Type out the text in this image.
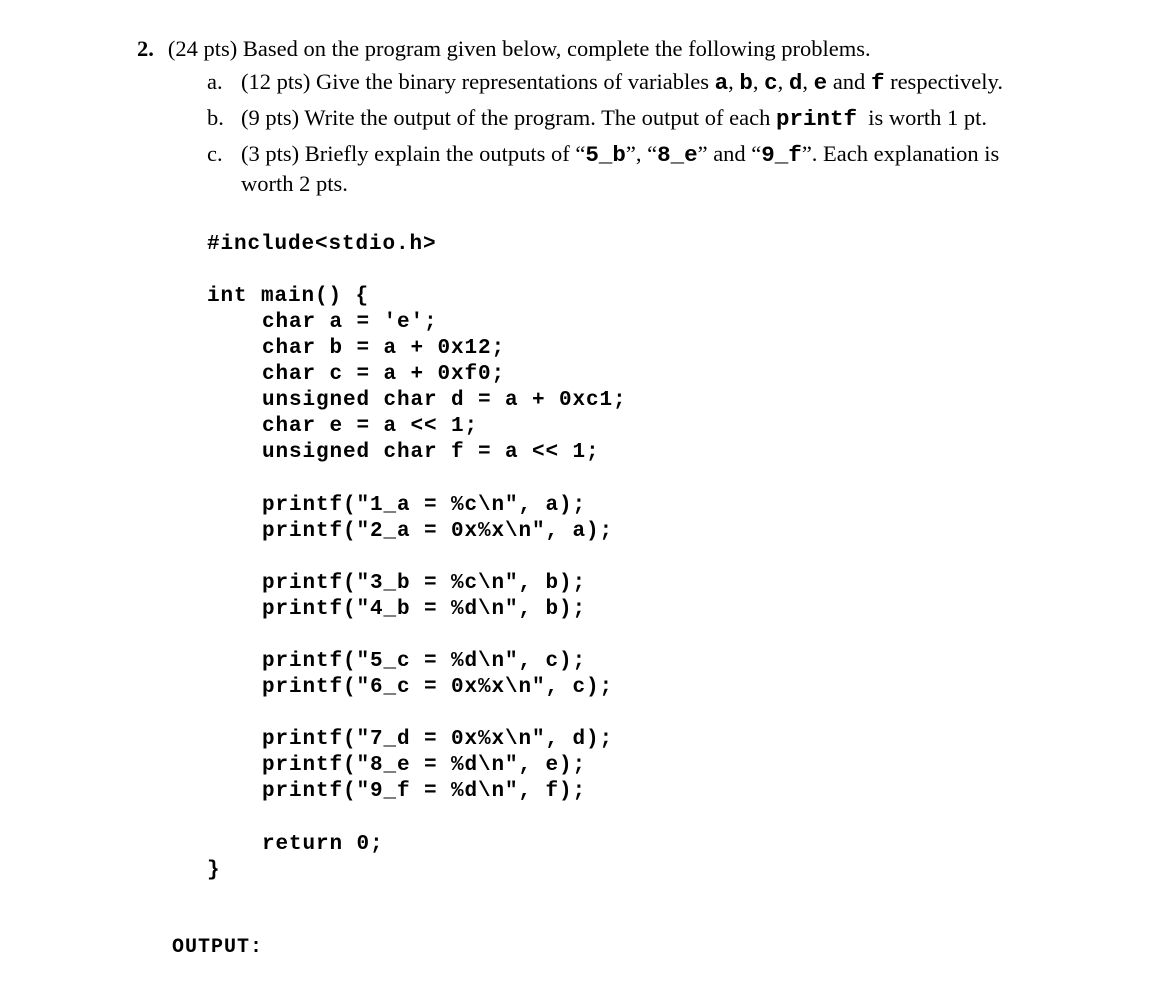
2. (24 pts) Based on the program given below, complete the following problems.
a. (12 pts) Give the binary representations of variables a, b, c, d, e and f respectively.
b. (9 pts) Write the output of the program. The output of each printf  is worth 1 pt.
c. (3 pts) Briefly explain the outputs of “5_b”, “8_e” and “9_f”. Each explanation is
worth 2 pts.
#include<stdio.h>
int main() {
char a = 'e';
char b = a + 0x12;
char c = a + 0xf0;
unsigned char d = a + 0xc1;
char e = a << 1;
unsigned char f = a << 1;
printf("1_a = %c\n", a);
printf("2_a = 0x%x\n", a);
printf("3_b = %c\n", b);
printf("4_b = %d\n", b);
printf("5_c = %d\n", c);
printf("6_c = 0x%x\n", c);
printf("7_d = 0x%x\n", d);
printf("8_e = %d\n", e);
printf("9_f = %d\n", f);
return 0;
}
OUTPUT:
